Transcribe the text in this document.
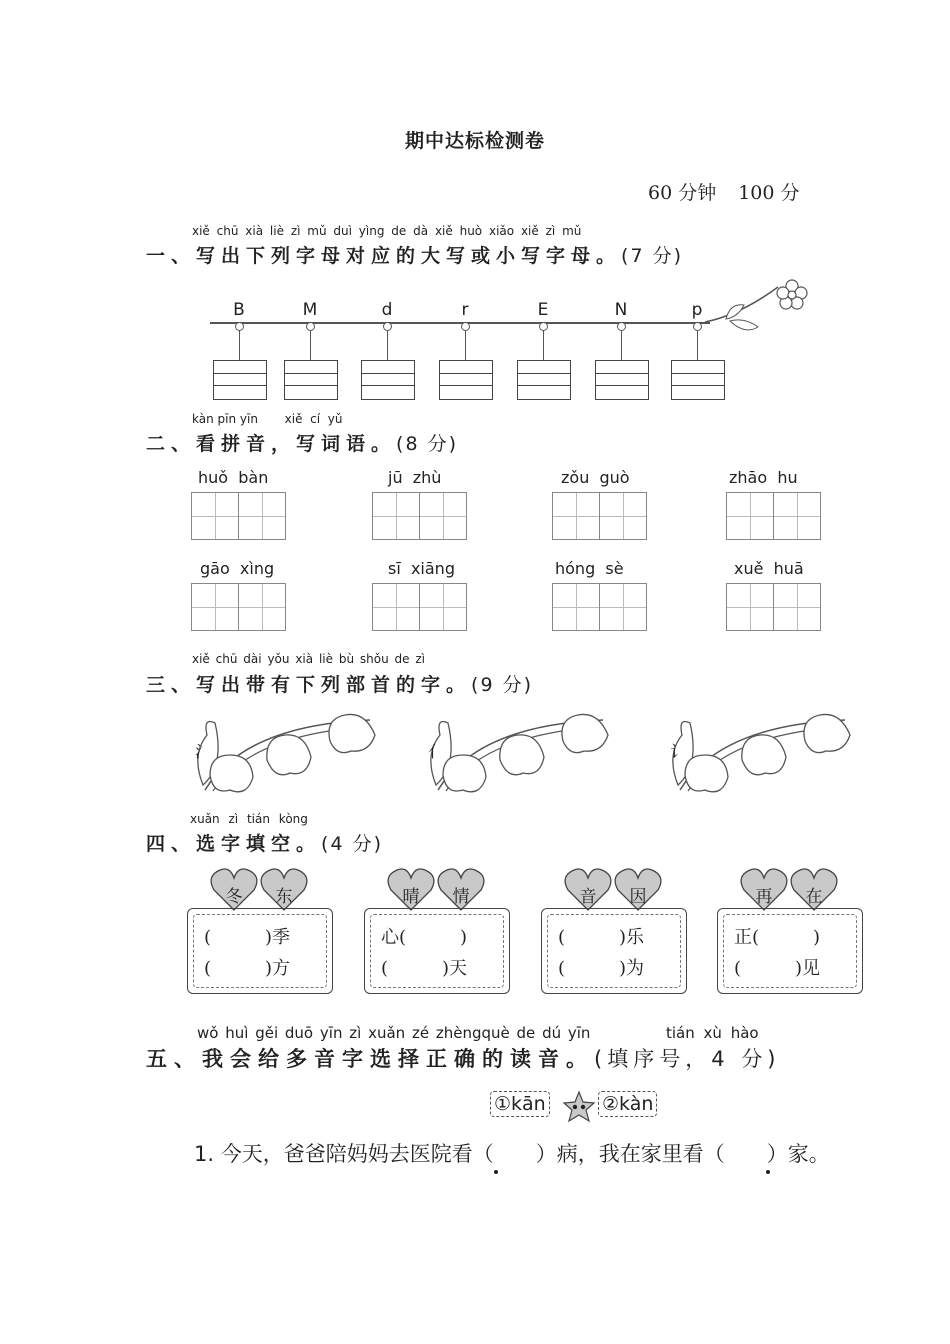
期中达标检测卷
60 分钟 100 分
xiě chū xià liè zì mǔ duì yìng de dà xiě huò xiǎo xiě zì mǔ
一、写出下列字母对应的大写或小写字母。(7 分)
B	M	d	r	E	N	p
kàn pīn yīn xiě cí yǔ
二、看拼音，写词语。(8 分)
huǒ bàn	jū zhù	zǒu guò	zhāo hu
gāo xìng	sī xiāng	hóng sè	xuě huā
xiě chū dài yǒu xià liè bù shǒu de zì
三、写出带有下列部首的字。(9 分)
氵	亻	讠
xuǎn zì tián kòng
四、选字填空。(4 分)
冬	东
(　　　)季
(　　　)方
晴	情
心(　　　)
(　　　)天
音	因
(　　　)乐
(　　　)为
再	在
正(　　　)
(　　　)见
wǒ huì gěi duō yīn zì xuǎn zé zhèngquè de dú yīn	tián xù hào
五、我会给多音字选择正确的读音。(填序号，4 分)
①kān	②kàn
1. 今天，爸爸陪妈妈去医院看（　　）病，我在家里看（　　）家。
